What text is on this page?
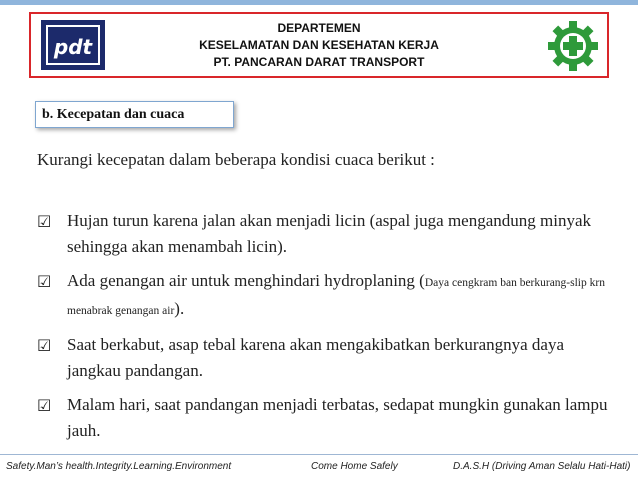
pdt
DEPARTEMEN
KESELAMATAN DAN KESEHATAN KERJA
PT. PANCARAN DARAT TRANSPORT
b. Kecepatan dan cuaca
Kurangi kecepatan dalam beberapa kondisi cuaca berikut :
☑ Hujan turun karena jalan akan menjadi licin (aspal juga mengandung minyak sehingga akan menambah licin).
☑ Ada genangan air untuk menghindari hydroplaning (Daya cengkram ban berkurang-slip krn menabrak genangan air).
☑ Saat berkabut, asap tebal karena akan mengakibatkan berkurangnya daya jangkau pandangan.
☑ Malam hari, saat pandangan menjadi terbatas, sedapat mungkin gunakan lampu jauh.
Safety.Man’s health.Integrity.Learning.Environment	Come Home Safely	D.A.S.H (Driving Aman Selalu Hati-Hati)
